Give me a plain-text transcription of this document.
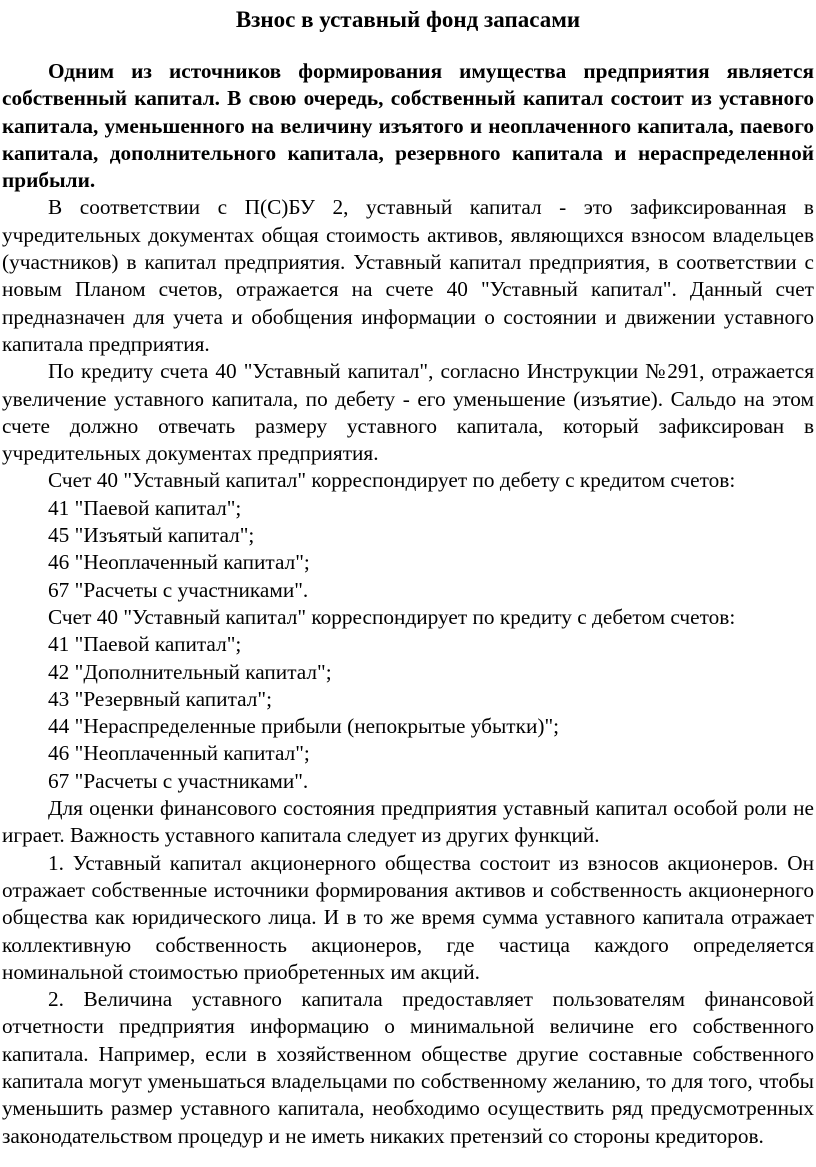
Взнос в уставный фонд запасами

Одним из источников формирования имущества предприятия является собственный капитал. В свою очередь, собственный капитал состоит из уставного капитала, уменьшенного на величину изъятого и неоплаченного капитала, паевого капитала, дополнительного капитала, резервного капитала и нераспределенной прибыли.

В соответствии с П(С)БУ 2, уставный капитал - это зафиксированная в учредительных документах общая стоимость активов, являющихся взносом владельцев (участников) в капитал предприятия. Уставный капитал предприятия, в соответствии с новым Планом счетов, отражается на счете 40 "Уставный капитал". Данный счет предназначен для учета и обобщения информации о состоянии и движении уставного капитала предприятия.

По кредиту счета 40 "Уставный капитал", согласно Инструкции №291, отражается увеличение уставного капитала, по дебету - его уменьшение (изъятие). Сальдо на этом счете должно отвечать размеру уставного капитала, который зафиксирован в учредительных документах предприятия.

Счет 40 "Уставный капитал" корреспондирует по дебету с кредитом счетов:

41 "Паевой капитал";

45 "Изъятый капитал";

46 "Неоплаченный капитал";

67 "Расчеты с участниками".

Счет 40 "Уставный капитал" корреспондирует по кредиту с дебетом счетов:

41 "Паевой капитал";

42 "Дополнительный капитал";

43 "Резервный капитал";

44 "Нераспределенные прибыли (непокрытые убытки)";

46 "Неоплаченный капитал";

67 "Расчеты с участниками".

Для оценки финансового состояния предприятия уставный капитал особой роли не играет. Важность уставного капитала следует из других функций.

1. Уставный капитал акционерного общества состоит из взносов акционеров. Он отражает собственные источники формирования активов и собственность акционерного общества как юридического лица. И в то же время сумма уставного капитала отражает коллективную собственность акционеров, где частица каждого определяется номинальной стоимостью приобретенных им акций.

2. Величина уставного капитала предоставляет пользователям финансовой отчетности предприятия информацию о минимальной величине его собственного капитала. Например, если в хозяйственном обществе другие составные собственного капитала могут уменьшаться владельцами по собственному желанию, то для того, чтобы уменьшить размер уставного капитала, необходимо осуществить ряд предусмотренных законодательством процедур и не иметь никаких претензий со стороны кредиторов.
